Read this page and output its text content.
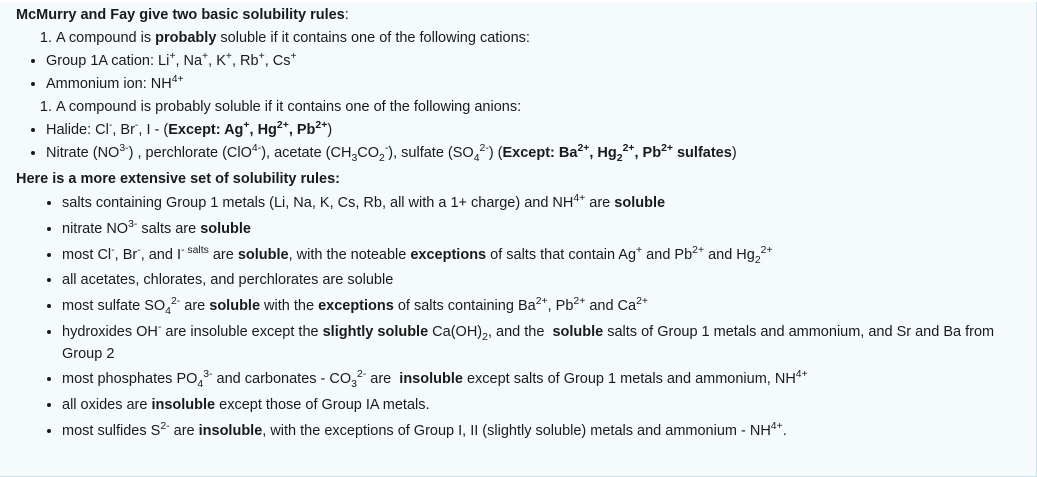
McMurry and Fay give two basic solubility rules:

1. A compound is probably soluble if it contains one of the following cations:
• Group 1A cation: Li+, Na+, K+, Rb+, Cs+
• Ammonium ion: $NH^{4+}$
1. A compound is probably soluble if it contains one of the following anions:
• Halide: Cl-, Br-, I - (Except: Ag+, $Hg^{2+}$, $Pb^{2+}$)
• Nitrate $(NO^{3-})$ , perchlorate (ClO$^{4-}$), acetate $(CH_3CO_2^-)$, sulfate $(SO_4^{2-})$ (Except: $Ba^{2+}$, $Hg_2^{2+}$, $Pb^{2+}$ sulfates)

Here is a more extensive set of solubility rules:

• salts containing Group 1 metals (Li, Na, K, Cs, Rb, all with a 1+ charge) and $NH^{4+}$ are soluble
• nitrate $NO^{3-}$ salts are soluble
• most Cl-, Br-, and $I^{- salts}$ are soluble, with the noteable exceptions of salts that contain Ag+ and $Pb^{2+}$ and $Hg_2^{2+}$
• all acetates, chlorates, and perchlorates are soluble
• most sulfate $SO_4^{2-}$ are soluble with the exceptions of salts containing $Ba^{2+}$, $Pb^{2+}$ and $Ca^{2+}$
• hydroxides OH- are insoluble except the slightly soluble $Ca(OH)_2$, and the  soluble salts of Group 1 metals and ammonium, and Sr and Ba from Group 2
• most phosphates $PO_4^{3-}$ and carbonates - $CO_3^{2-}$ are  insoluble except salts of Group 1 metals and ammonium, $NH^{4+}$
• all oxides are insoluble except those of Group IA metals.
• most sulfides $S^{2-}$ are insoluble, with the exceptions of Group I, II (slightly soluble) metals and ammonium - $NH^{4+}$.
